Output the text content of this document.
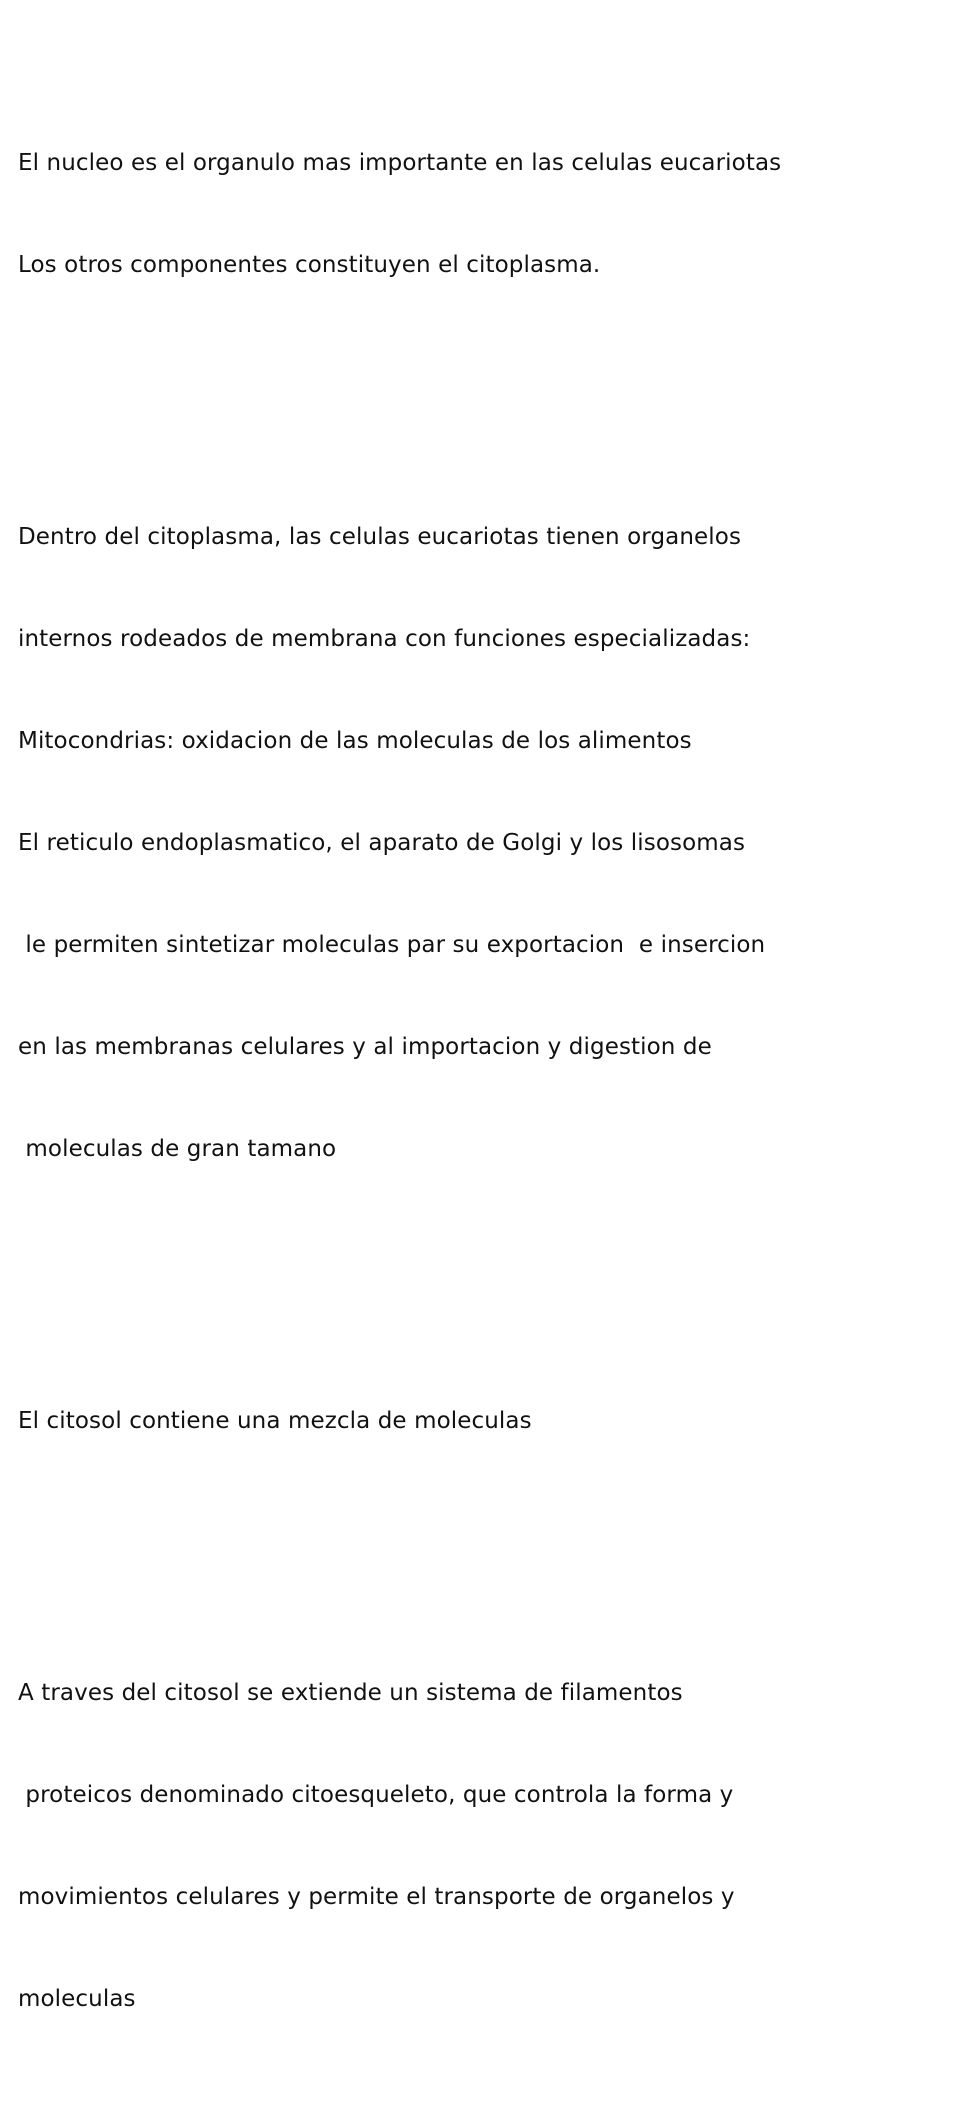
El nucleo es el organulo mas importante en las celulas eucariotas

Los otros componentes constituyen el citoplasma.

Dentro del citoplasma, las celulas eucariotas tienen organelos

internos rodeados de membrana con funciones especializadas:

Mitocondrias: oxidacion de las moleculas de los alimentos

El reticulo endoplasmatico, el aparato de Golgi y los lisosomas

le permiten sintetizar moleculas par su exportacion  e insercion

en las membranas celulares y al importacion y digestion de

moleculas de gran tamano

El citosol contiene una mezcla de moleculas

A traves del citosol se extiende un sistema de filamentos

proteicos denominado citoesqueleto, que controla la forma y

movimientos celulares y permite el transporte de organelos y

moleculas
